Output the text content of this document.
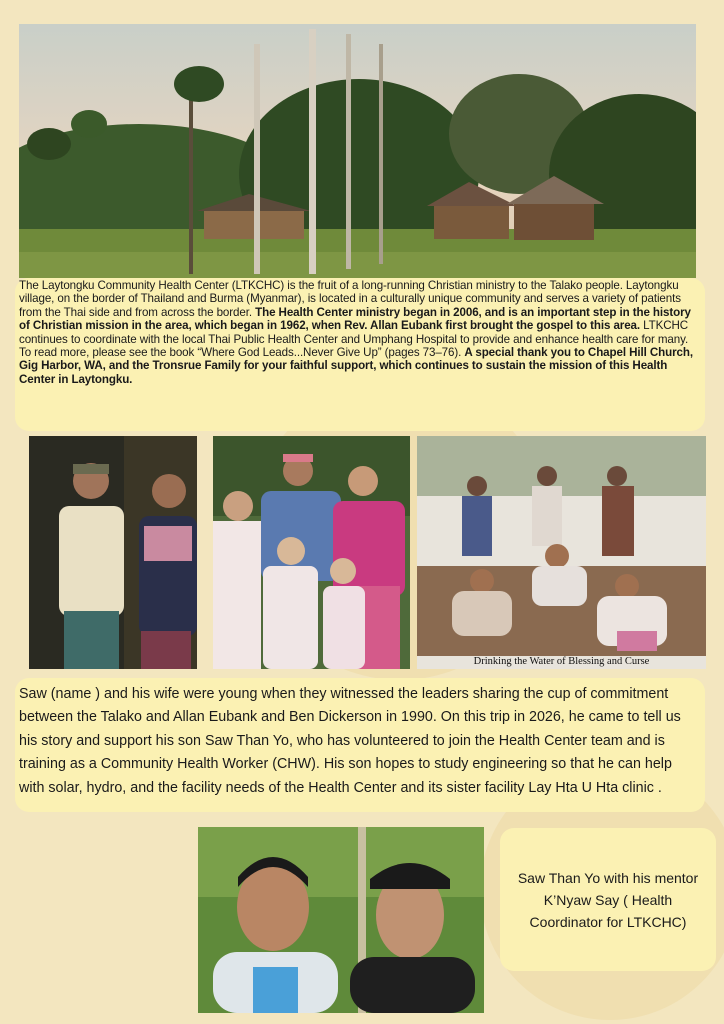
The Laytongku Community Health Center (LTKCHC) is the fruit of a long-running Christian ministry to the Talako people. Laytongku village, on the border of Thailand and Burma (Myanmar), is located in a culturally unique community and serves a variety of patients from the Thai side and from across the border. The Health Center ministry began in 2006, and is an important step in the history of Christian mission in the area, which began in 1962, when Rev. Allan Eubank first brought the gospel to this area. LTKCHC continues to coordinate with the local Thai Public Health Center and Umphang Hospital to provide and enhance health care for many. To read more, please see the book “Where God Leads...Never Give Up” (pages 73–76). A special thank you to Chapel Hill Church, Gig Harbor, WA, and the Tronsrue Family for your faithful support, which continues to sustain the mission of this Health Center in Laytongku.
Drinking the Water of Blessing and Curse
Saw (name ) and his wife were young when they witnessed the leaders sharing the cup of commitment between the Talako and Allan Eubank and Ben Dickerson in 1990. On this trip in 2026, he came to tell us his story and support his son Saw Than Yo, who has volunteered to join the Health Center team and is training as a Community Health Worker (CHW). His son hopes to study engineering so that he can help with solar, hydro, and the facility needs of the Health Center and its sister facility Lay Hta U Hta clinic .
Saw Than Yo with his mentor K’Nyaw Say ( Health Coordinator for LTKCHC)
